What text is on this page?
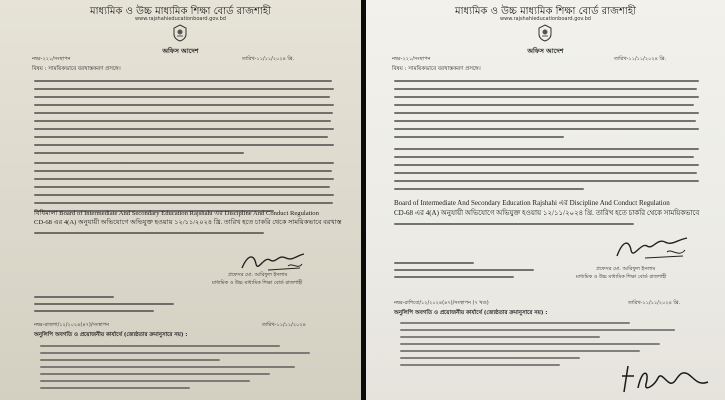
মাধ্যমিক ও উচ্চ মাধ্যমিক শিক্ষা বোর্ড রাজশাহী
www.rajshahieducationboard.gov.bd
অফিস আদেশ
নম্বর-২২১/সংস্থাপন	তারিখ-১১/১১/২০২৪ খ্রি.
বিষয় : সাময়িকভাবে বরখাস্তকরণ প্রসঙ্গে।
বিধিমালা Board of Intermediate And Secondary Education Rajshahi এর Discipline And Conduct Regulation
CD-68 এর 4(A) অনুযায়ী অভিযোগে অভিযুক্ত হওয়ায় ১২/১১/২০২৪ খ্রি. তারিখ হতে চাকরি থেকে সাময়িকভাবে বরখাস্ত
প্রফেসর মো. আরিফুল ইসলাম
মাধ্যমিক ও উচ্চ মাধ্যমিক শিক্ষা বোর্ড রাজশাহী
নম্বর-রাজশা/১২/২০২৪(৪৭)/সংস্থাপন	তারিখ-১১/১১/২০২৪
অনুলিপি অবগতি ও প্রয়োজনীয় কার্যার্থে (জ্যেষ্ঠতার ক্রমানুসারে নয়) :
মাধ্যমিক ও উচ্চ মাধ্যমিক শিক্ষা বোর্ড রাজশাহী
www.rajshahieducationboard.gov.bd
অফিস আদেশ
নম্বর-২২১/সংস্থাপন	তারিখ-১১/১১/২০২৪ খ্রি.
বিষয় : সাময়িকভাবে বরখাস্তকরণ প্রসঙ্গে।
Board of Intermediate And Secondary Education Rajshahi এর Discipline And Conduct Regulation
CD-68 এর 4(A) অনুযায়ী অভিযোগে অভিযুক্ত হওয়ায় ১২/১১/২০২৪ খ্রি. তারিখ হতে চাকরি থেকে সাময়িকভাবে
প্রফেসর মো. আরিফুল ইসলাম
মাধ্যমিক ও উচ্চ মাধ্যমিক শিক্ষা বোর্ড রাজশাহী
নম্বর-রাশিবো/১২/২০২৪(৪৭)/সংস্থাপন (৭ খণ্ড)	তারিখ-১১/১১/২০২৪ খ্রি.
অনুলিপি অবগতি ও প্রয়োজনীয় কার্যার্থে (জ্যেষ্ঠতার ক্রমানুসারে নয়) :
